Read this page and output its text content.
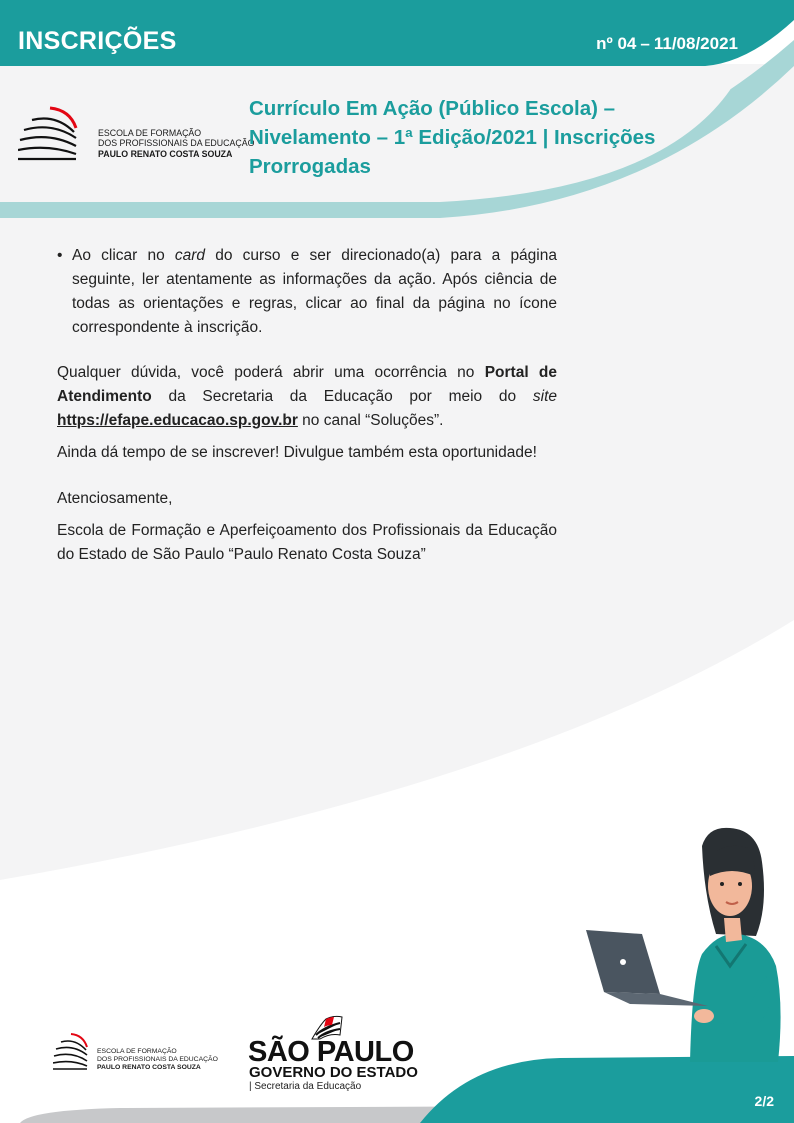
INSCRIÇÕES	nº 04 – 11/08/2021
ESCOLA DE FORMAÇÃO
DOS PROFISSIONAIS DA EDUCAÇÃO
PAULO RENATO COSTA SOUZA
Currículo Em Ação (Público Escola) – Nivelamento – 1ª Edição/2021 | Inscrições Prorrogadas
• Ao clicar no card do curso e ser direcionado(a) para a página seguinte, ler atentamente as informações da ação. Após ciência de todas as orientações e regras, clicar ao final da página no ícone correspondente à inscrição.

Qualquer dúvida, você poderá abrir uma ocorrência no Portal de Atendimento da Secretaria da Educação por meio do site https://efape.educacao.sp.gov.br no canal “Soluções”.

Ainda dá tempo de se inscrever! Divulgue também esta oportunidade!

Atenciosamente,

Escola de Formação e Aperfeiçoamento dos Profissionais da Educação do Estado de São Paulo “Paulo Renato Costa Souza”

ESCOLA DE FORMAÇÃO
DOS PROFISSIONAIS DA EDUCAÇÃO
PAULO RENATO COSTA SOUZA	SÃO PAULO
GOVERNO DO ESTADO
| Secretaria da Educação
2/2
